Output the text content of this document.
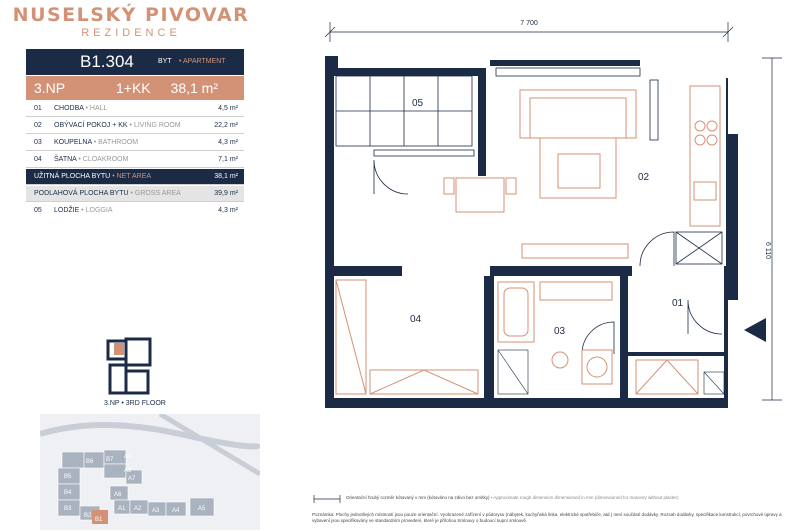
NUSELSKÝ PIVOVAR
REZIDENCE
B1.304	BYT • APARTMENT
3.NP	1+KK 38,1 m²
01 CHODBA • HALL	4,5 m²
02 OBÝVACÍ POKOJ + KK • LIVING ROOM	22,2 m²
03 KOUPELNA • BATHROOM	4,3 m²
04 ŠATNA • CLOAKROOM	7,1 m²
UŽITNÁ PLOCHA BYTU • NET AREA	38,1 m²
PODLAHOVÁ PLOCHA BYTU • GROSS AREA	39,9 m²
05 LODŽIE • LOGGIA	4,3 m²
3.NP • 3RD FLOOR
B6 B7 A9
A8
B5	A7
B4	A6
B3	A1 A2 A3 A4	A5
B2
B1
7 700
6 110
05
02
04
03
01
Orientační hrubý rozměr kótovaný v mm (kótováno na zdivo bez omítky) • Approximate rough dimension dimensioned in mm (dimensioned for masonry without plaster)
Poznámka: Plochy jednotlivých místností jsou pouze orientační. Vyobrazené zařízení v půdorysu (nábytek, kuchyňská linka, elektrické spotřebiče, atd.) není součástí dodávky. Rozsah dodávky, specifikace konstrukcí, povrchové úpravy a vybavení jsou specifikovány ve standardním provedení, které je přílohou Smlouvy o budoucí kupní smlouvě.
